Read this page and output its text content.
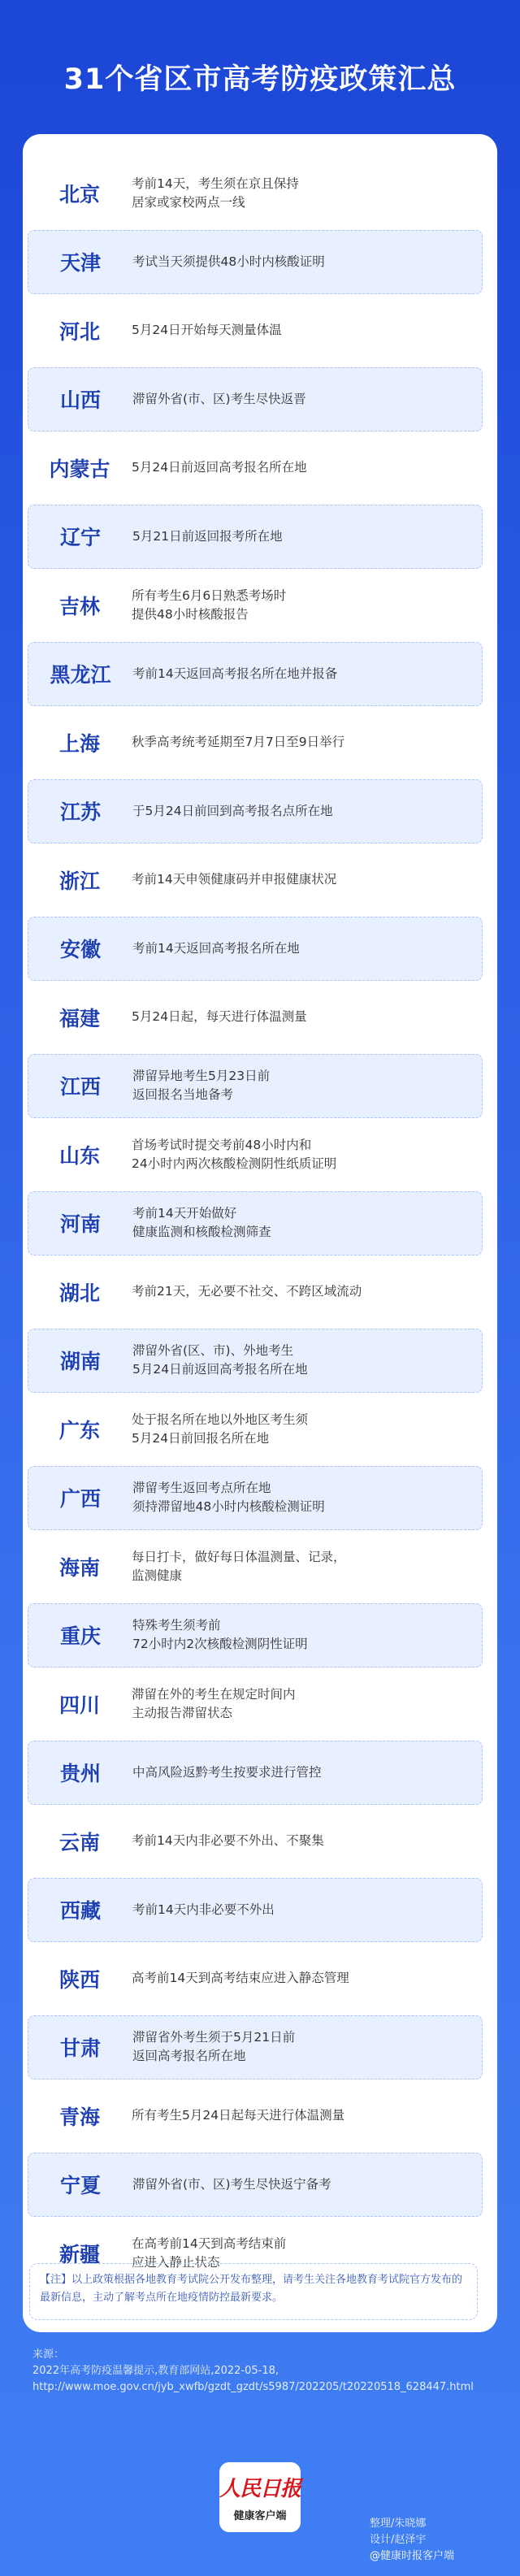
31个省区市高考防疫政策汇总
北京	考前14天，考生须在京且保持
居家或家校两点一线
天津	考试当天须提供48小时内核酸证明
河北	5月24日开始每天测量体温
山西	滞留外省(市、区)考生尽快返晋
内蒙古	5月24日前返回高考报名所在地
辽宁	5月21日前返回报考所在地
吉林	所有考生6月6日熟悉考场时
提供48小时核酸报告
黑龙江	考前14天返回高考报名所在地并报备
上海	秋季高考统考延期至7月7日至9日举行
江苏	于5月24日前回到高考报名点所在地
浙江	考前14天申领健康码并申报健康状况
安徽	考前14天返回高考报名所在地
福建	5月24日起，每天进行体温测量
江西	滞留异地考生5月23日前
返回报名当地备考
山东	首场考试时提交考前48小时内和
24小时内两次核酸检测阴性纸质证明
河南	考前14天开始做好
健康监测和核酸检测筛查
湖北	考前21天，无必要不社交、不跨区域流动
湖南	滞留外省(区、市)、外地考生
5月24日前返回高考报名所在地
广东	处于报名所在地以外地区考生须
5月24日前回报名所在地
广西	滞留考生返回考点所在地
须持滞留地48小时内核酸检测证明
海南	每日打卡，做好每日体温测量、记录，
监测健康
重庆	特殊考生须考前
72小时内2次核酸检测阴性证明
四川	滞留在外的考生在规定时间内
主动报告滞留状态
贵州	中高风险返黔考生按要求进行管控
云南	考前14天内非必要不外出、不聚集
西藏	考前14天内非必要不外出
陕西	高考前14天到高考结束应进入静态管理
甘肃	滞留省外考生须于5月21日前
返回高考报名所在地
青海	所有考生5月24日起每天进行体温测量
宁夏	滞留外省(市、区)考生尽快返宁备考
新疆	在高考前14天到高考结束前
应进入静止状态
【注】以上政策根据各地教育考试院公开发布整理，请考生关注各地教育考试院官方发布的最新信息，主动了解考点所在地疫情防控最新要求。
来源：
2022年高考防疫温馨提示,教育部网站,2022-05-18,
http://www.moe.gov.cn/jyb_xwfb/gzdt_gzdt/s5987/202205/t20220518_628447.html
人民日报
健康客户端
整理/朱晓娜
设计/赵泽宇
@健康时报客户端
